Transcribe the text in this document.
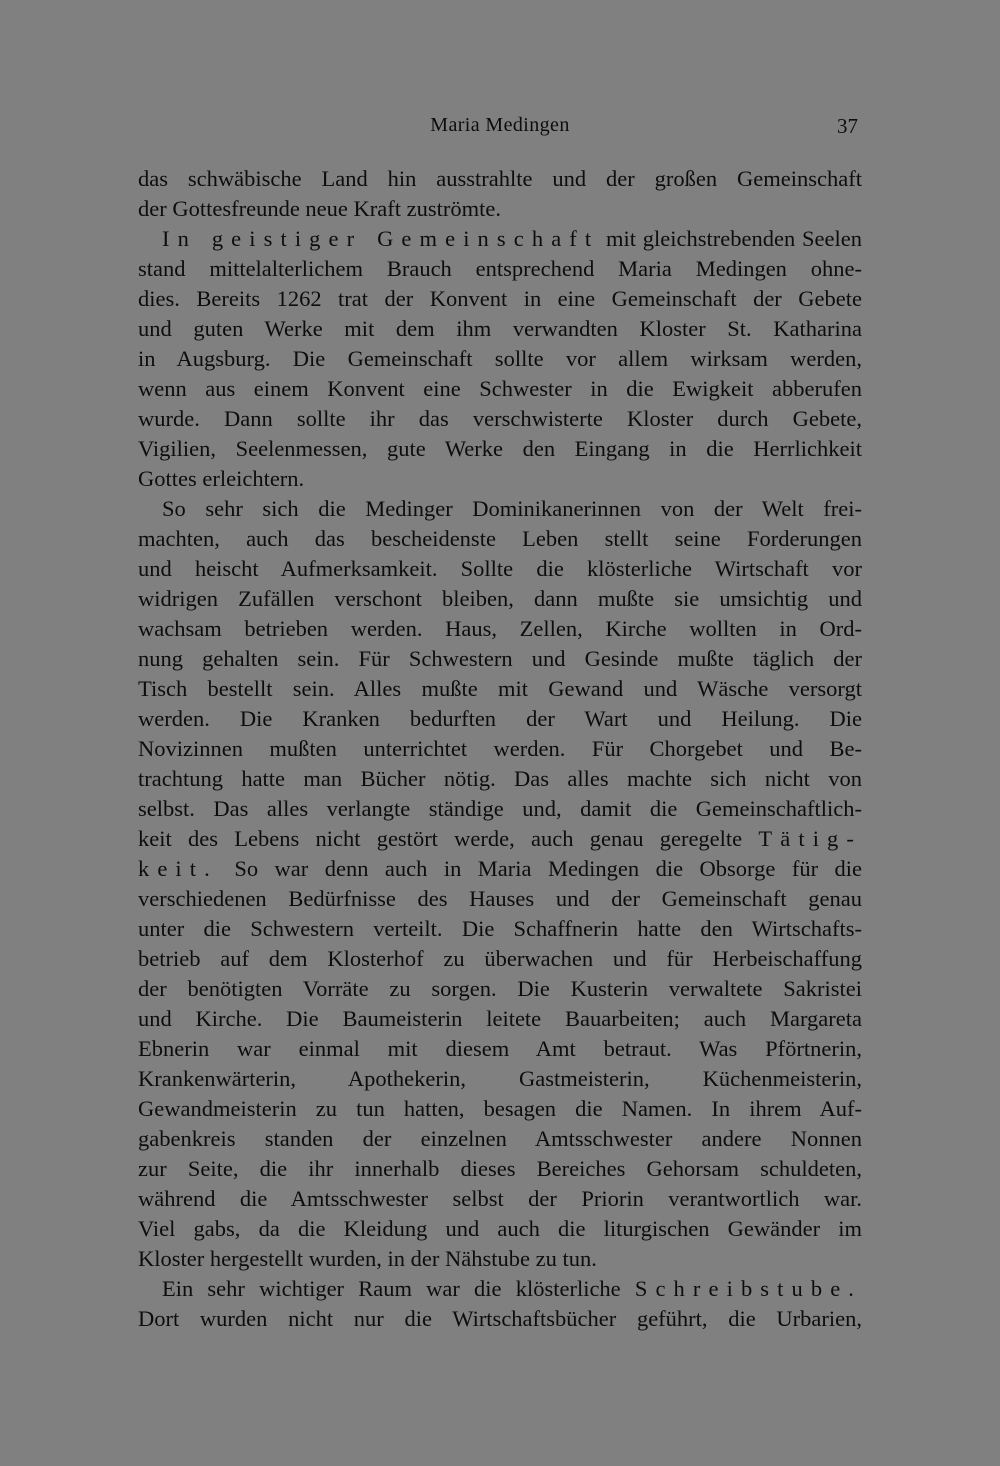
Maria Medingen	37
das schwäbische Land hin ausstrahlte und der großen Gemeinschaft
der Gottesfreunde neue Kraft zuströmte.
In geistiger Gemeinschaft mit gleichstrebenden Seelen
stand mittelalterlichem Brauch entsprechend Maria Medingen ohne-
dies. Bereits 1262 trat der Konvent in eine Gemeinschaft der Gebete
und guten Werke mit dem ihm verwandten Kloster St. Katharina
in Augsburg. Die Gemeinschaft sollte vor allem wirksam werden,
wenn aus einem Konvent eine Schwester in die Ewigkeit abberufen
wurde. Dann sollte ihr das verschwisterte Kloster durch Gebete,
Vigilien, Seelenmessen, gute Werke den Eingang in die Herrlichkeit
Gottes erleichtern.
So sehr sich die Medinger Dominikanerinnen von der Welt frei-
machten, auch das bescheidenste Leben stellt seine Forderungen
und heischt Aufmerksamkeit. Sollte die klösterliche Wirtschaft vor
widrigen Zufällen verschont bleiben, dann mußte sie umsichtig und
wachsam betrieben werden. Haus, Zellen, Kirche wollten in Ord-
nung gehalten sein. Für Schwestern und Gesinde mußte täglich der
Tisch bestellt sein. Alles mußte mit Gewand und Wäsche versorgt
werden. Die Kranken bedurften der Wart und Heilung. Die
Novizinnen mußten unterrichtet werden. Für Chorgebet und Be-
trachtung hatte man Bücher nötig. Das alles machte sich nicht von
selbst. Das alles verlangte ständige und, damit die Gemeinschaftlich-
keit des Lebens nicht gestört werde, auch genau geregelte Tätig-
keit. So war denn auch in Maria Medingen die Obsorge für die
verschiedenen Bedürfnisse des Hauses und der Gemeinschaft genau
unter die Schwestern verteilt. Die Schaffnerin hatte den Wirtschafts-
betrieb auf dem Klosterhof zu überwachen und für Herbeischaffung
der benötigten Vorräte zu sorgen. Die Kusterin verwaltete Sakristei
und Kirche. Die Baumeisterin leitete Bauarbeiten; auch Margareta
Ebnerin war einmal mit diesem Amt betraut. Was Pförtnerin,
Krankenwärterin, Apothekerin, Gastmeisterin, Küchenmeisterin,
Gewandmeisterin zu tun hatten, besagen die Namen. In ihrem Auf-
gabenkreis standen der einzelnen Amtsschwester andere Nonnen
zur Seite, die ihr innerhalb dieses Bereiches Gehorsam schuldeten,
während die Amtsschwester selbst der Priorin verantwortlich war.
Viel gabs, da die Kleidung und auch die liturgischen Gewänder im
Kloster hergestellt wurden, in der Nähstube zu tun.
Ein sehr wichtiger Raum war die klösterliche Schreibstube.
Dort wurden nicht nur die Wirtschaftsbücher geführt, die Urbarien,
